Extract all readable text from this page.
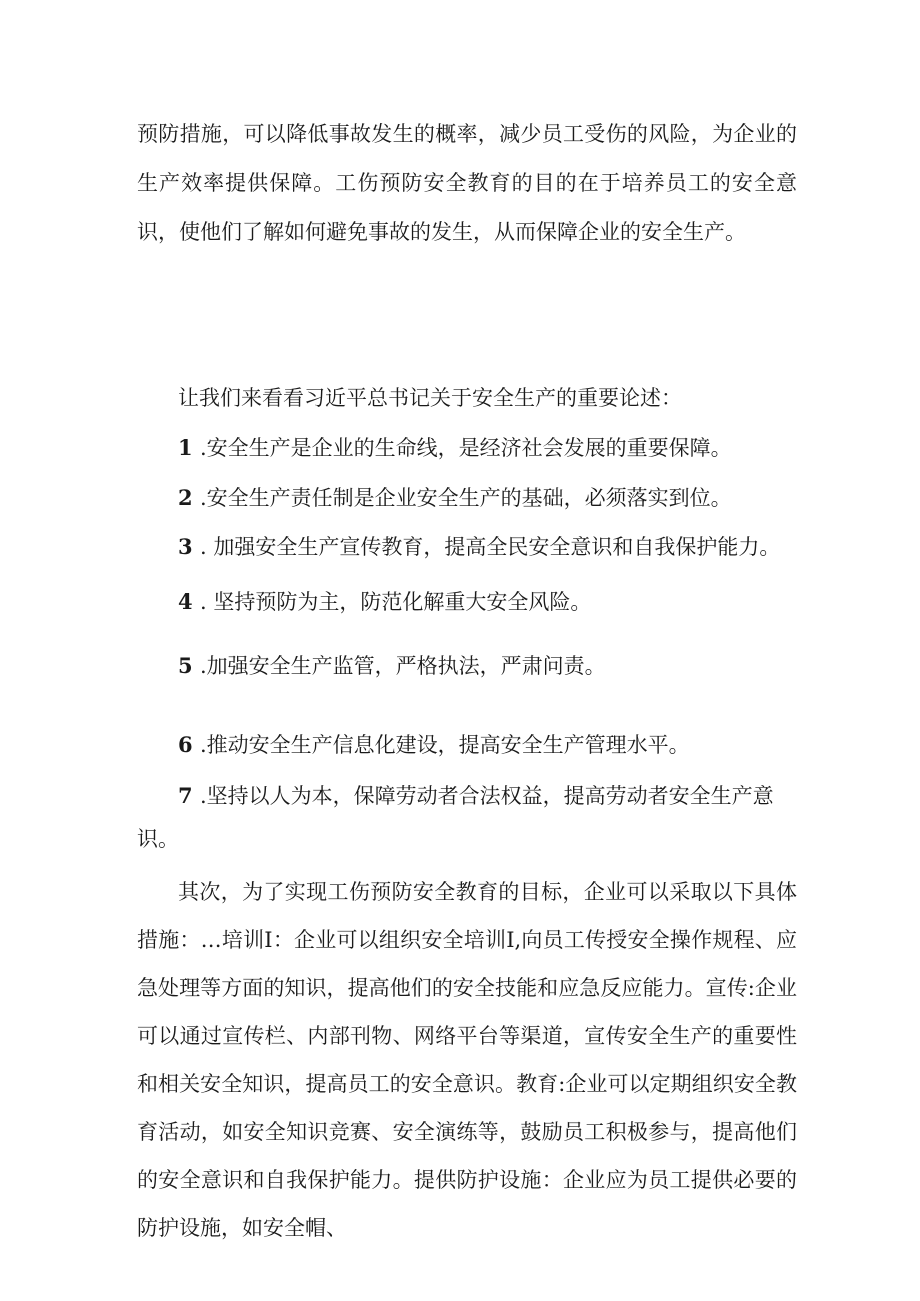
预防措施，可以降低事故发生的概率，减少员工受伤的风险，为企业的生产效率提供保障。工伤预防安全教育的目的在于培养员工的安全意识，使他们了解如何避免事故的发生，从而保障企业的安全生产。

让我们来看看习近平总书记关于安全生产的重要论述：

1 .安全生产是企业的生命线，是经济社会发展的重要保障。

2 .安全生产责任制是企业安全生产的基础，必须落实到位。

3 . 加强安全生产宣传教育，提高全民安全意识和自我保护能力。

4 . 坚持预防为主，防范化解重大安全风险。

5 .加强安全生产监管，严格执法，严肃问责。

6 .推动安全生产信息化建设，提高安全生产管理水平。

7 .坚持以人为本，保障劳动者合法权益，提高劳动者安全生产意识。

其次，为了实现工伤预防安全教育的目标，企业可以采取以下具体措施：…培训I：企业可以组织安全培训I,向员工传授安全操作规程、应急处理等方面的知识，提高他们的安全技能和应急反应能力。宣传:企业可以通过宣传栏、内部刊物、网络平台等渠道，宣传安全生产的重要性和相关安全知识，提高员工的安全意识。教育:企业可以定期组织安全教育活动，如安全知识竞赛、安全演练等，鼓励员工积极参与，提高他们的安全意识和自我保护能力。提供防护设施：企业应为员工提供必要的防护设施，如安全帽、
